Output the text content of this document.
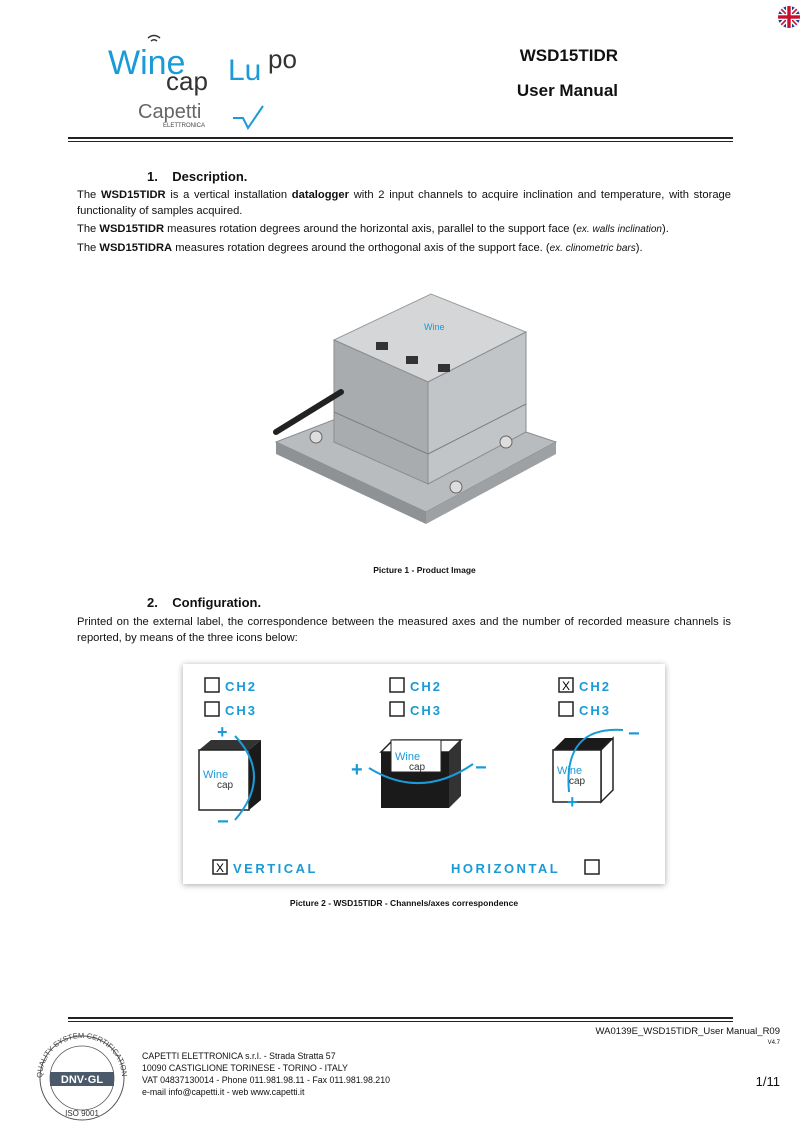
Wine
cap Lu po
Capetti
ELETTRONICA
WSD15TIDR
User Manual
1.    Description.
The WSD15TIDR is a vertical installation datalogger with 2 input channels to acquire inclination and temperature, with storage functionality of samples acquired.
The WSD15TIDR measures rotation degrees around the horizontal axis, parallel to the support face (ex. walls inclination).
The WSD15TIDRA measures rotation degrees around the orthogonal axis of the support face. (ex. clinometric bars).
Wine
Picture 1 - Product Image
2.    Configuration.
Printed on the external label, the correspondence between the measured axes and the number of recorded measure channels is reported, by means of the three icons below:
CH2
CH3
Wine
cap
+
−
CH2
CH3
Wine
cap
+	−
X CH2
CH3
Wine
cap
+
−
X VERTICAL	HORIZONTAL
Picture 2 - WSD15TIDR - Channels/axes correspondence
WA0139E_WSD15TIDR_User Manual_R09
V4.7
QUALITY SYSTEM CERTIFICATION
DNV·GL
ISO 9001
CAPETTI ELETTRONICA s.r.l. - Strada Stratta 57
10090 CASTIGLIONE TORINESE - TORINO - ITALY
VAT 04837130014 - Phone 011.981.98.11 - Fax 011.981.98.210
e-mail info@capetti.it - web www.capetti.it
1/11
